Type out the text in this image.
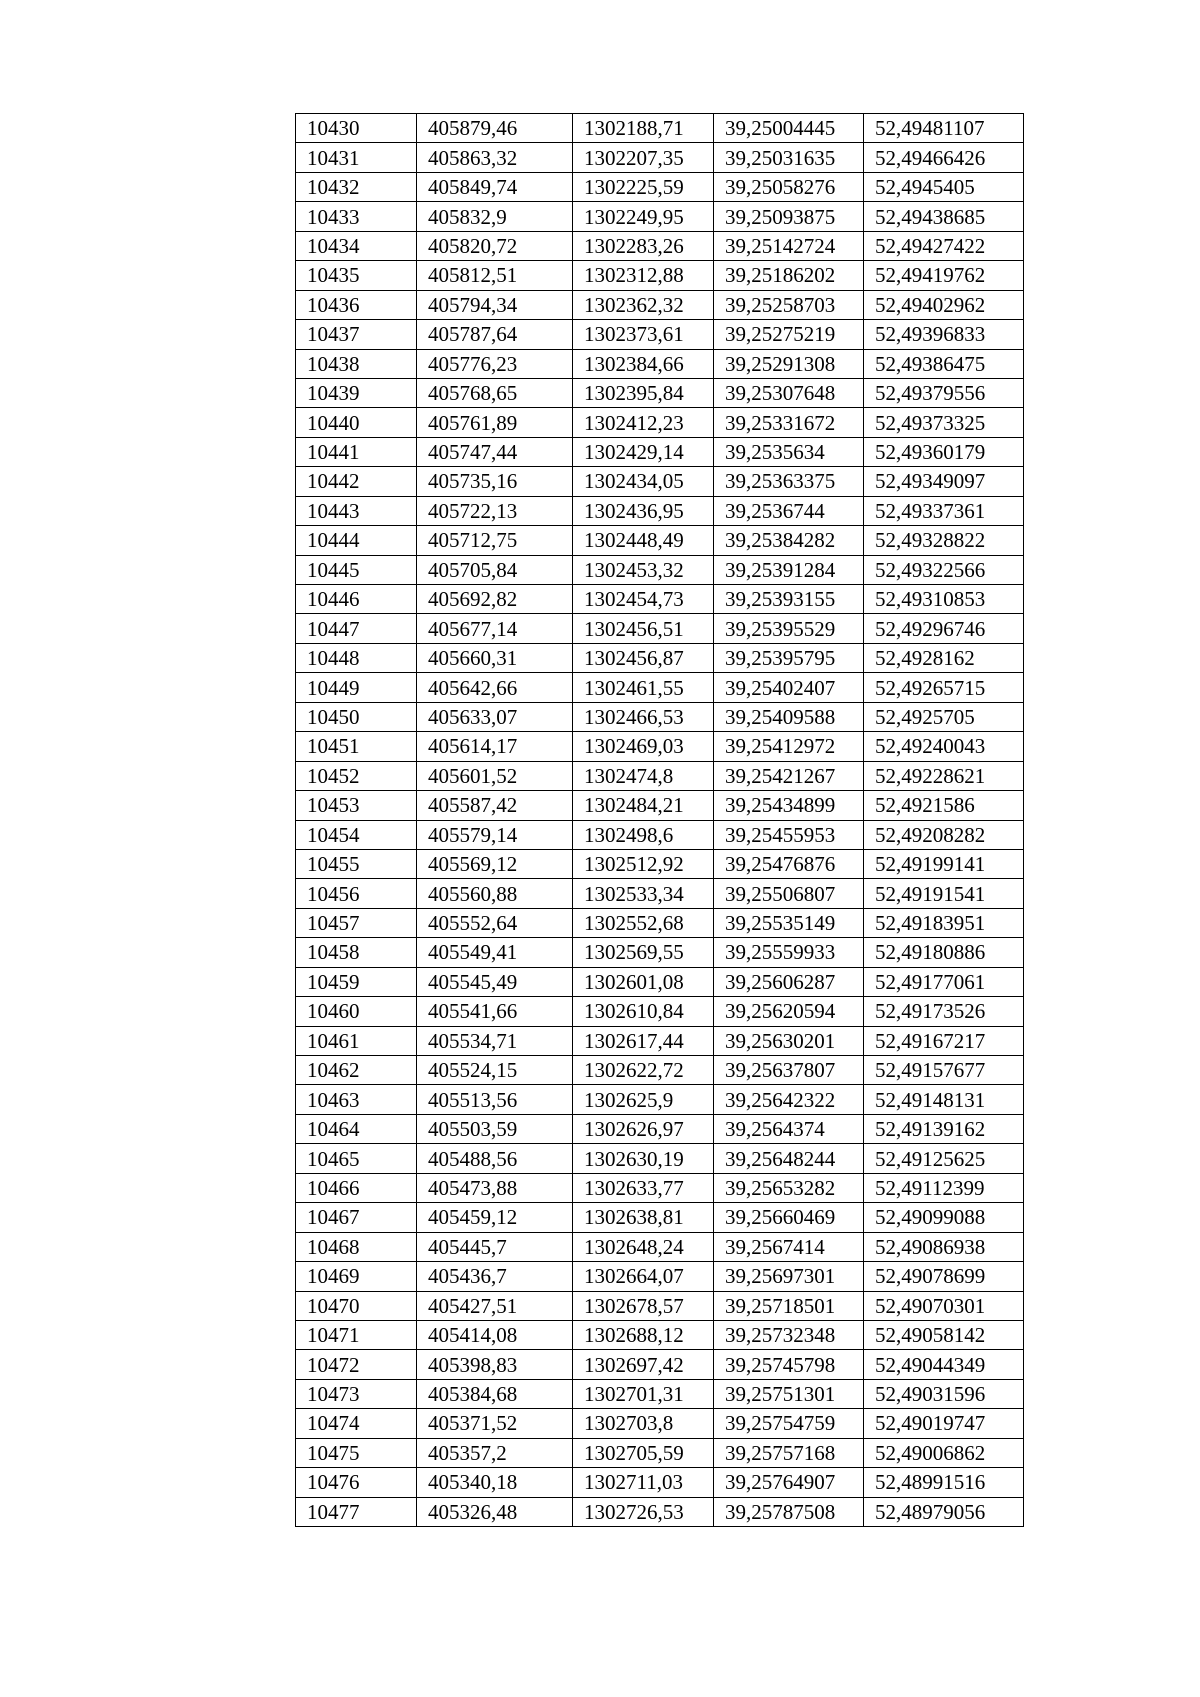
10430	405879,46	1302188,71	39,25004445	52,49481107
10431	405863,32	1302207,35	39,25031635	52,49466426
10432	405849,74	1302225,59	39,25058276	52,4945405
10433	405832,9	1302249,95	39,25093875	52,49438685
10434	405820,72	1302283,26	39,25142724	52,49427422
10435	405812,51	1302312,88	39,25186202	52,49419762
10436	405794,34	1302362,32	39,25258703	52,49402962
10437	405787,64	1302373,61	39,25275219	52,49396833
10438	405776,23	1302384,66	39,25291308	52,49386475
10439	405768,65	1302395,84	39,25307648	52,49379556
10440	405761,89	1302412,23	39,25331672	52,49373325
10441	405747,44	1302429,14	39,2535634	52,49360179
10442	405735,16	1302434,05	39,25363375	52,49349097
10443	405722,13	1302436,95	39,2536744	52,49337361
10444	405712,75	1302448,49	39,25384282	52,49328822
10445	405705,84	1302453,32	39,25391284	52,49322566
10446	405692,82	1302454,73	39,25393155	52,49310853
10447	405677,14	1302456,51	39,25395529	52,49296746
10448	405660,31	1302456,87	39,25395795	52,4928162
10449	405642,66	1302461,55	39,25402407	52,49265715
10450	405633,07	1302466,53	39,25409588	52,4925705
10451	405614,17	1302469,03	39,25412972	52,49240043
10452	405601,52	1302474,8	39,25421267	52,49228621
10453	405587,42	1302484,21	39,25434899	52,4921586
10454	405579,14	1302498,6	39,25455953	52,49208282
10455	405569,12	1302512,92	39,25476876	52,49199141
10456	405560,88	1302533,34	39,25506807	52,49191541
10457	405552,64	1302552,68	39,25535149	52,49183951
10458	405549,41	1302569,55	39,25559933	52,49180886
10459	405545,49	1302601,08	39,25606287	52,49177061
10460	405541,66	1302610,84	39,25620594	52,49173526
10461	405534,71	1302617,44	39,25630201	52,49167217
10462	405524,15	1302622,72	39,25637807	52,49157677
10463	405513,56	1302625,9	39,25642322	52,49148131
10464	405503,59	1302626,97	39,2564374	52,49139162
10465	405488,56	1302630,19	39,25648244	52,49125625
10466	405473,88	1302633,77	39,25653282	52,49112399
10467	405459,12	1302638,81	39,25660469	52,49099088
10468	405445,7	1302648,24	39,2567414	52,49086938
10469	405436,7	1302664,07	39,25697301	52,49078699
10470	405427,51	1302678,57	39,25718501	52,49070301
10471	405414,08	1302688,12	39,25732348	52,49058142
10472	405398,83	1302697,42	39,25745798	52,49044349
10473	405384,68	1302701,31	39,25751301	52,49031596
10474	405371,52	1302703,8	39,25754759	52,49019747
10475	405357,2	1302705,59	39,25757168	52,49006862
10476	405340,18	1302711,03	39,25764907	52,48991516
10477	405326,48	1302726,53	39,25787508	52,48979056
